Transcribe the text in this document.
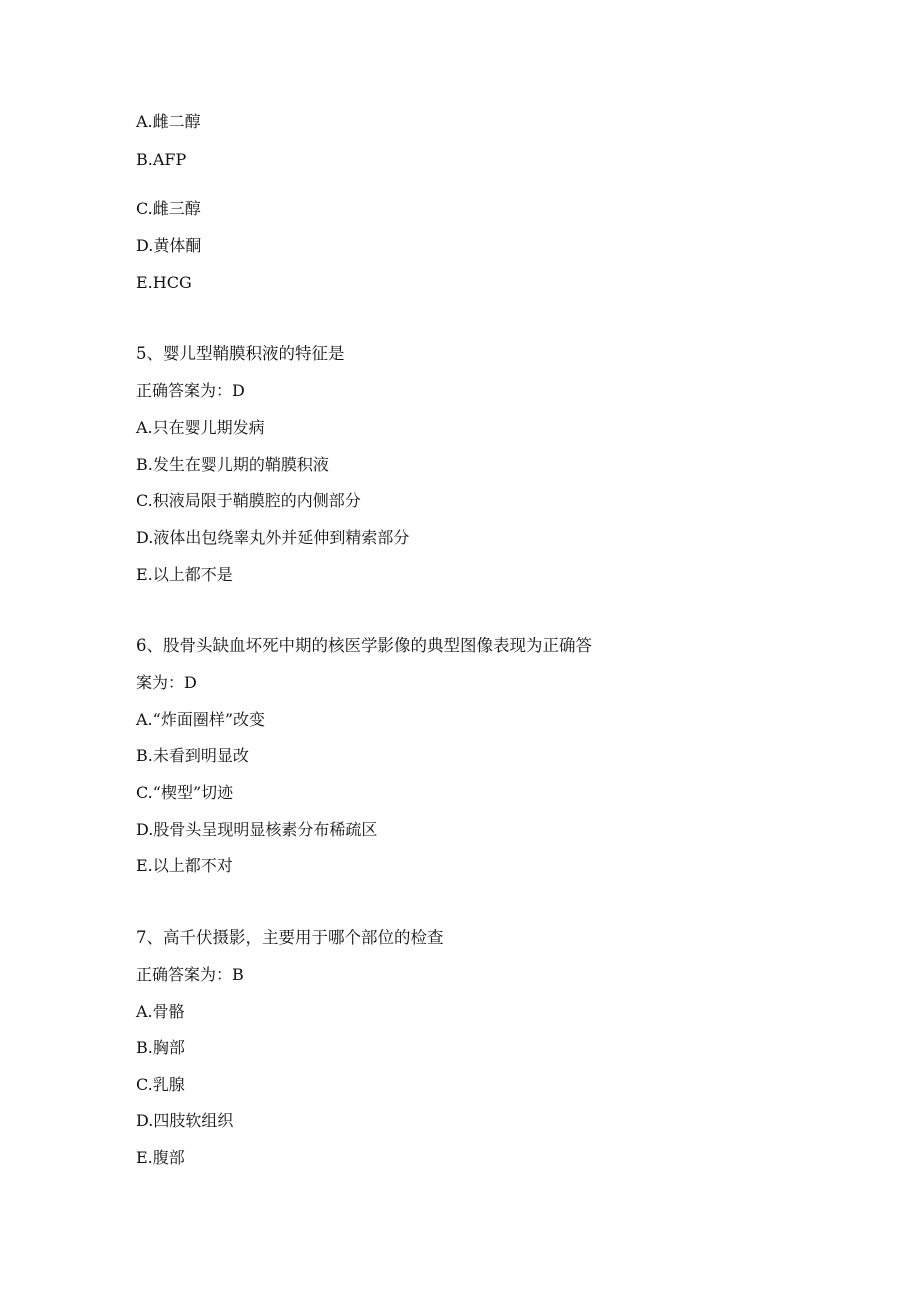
A.雌二醇
B.AFP
C.雌三醇
D.黄体酮
E.HCG
5、婴儿型鞘膜积液的特征是
正确答案为：D
A.只在婴儿期发病
B.发生在婴儿期的鞘膜积液
C.积液局限于鞘膜腔的内侧部分
D.液体出包绕睾丸外并延伸到精索部分
E.以上都不是
6、股骨头缺血坏死中期的核医学影像的典型图像表现为正确答
案为：D
A.“炸面圈样”改变
B.未看到明显改
C.“楔型”切迹
D.股骨头呈现明显核素分布稀疏区
E.以上都不对
7、高千伏摄影，主要用于哪个部位的检查
正确答案为：B
A.骨骼
B.胸部
C.乳腺
D.四肢软组织
E.腹部
